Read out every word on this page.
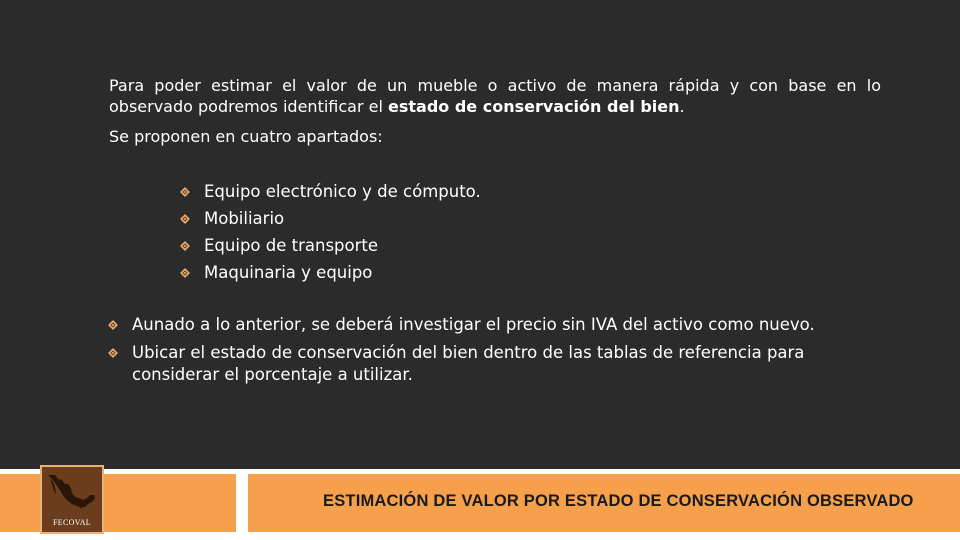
Para poder estimar el valor de un mueble o activo de manera rápida y con base en lo observado podremos identificar el estado de conservación del bien.

Se proponen en cuatro apartados:

Equipo electrónico y de cómputo.
Mobiliario
Equipo de transporte
Maquinaria y equipo
Aunado a lo anterior, se deberá investigar el precio sin IVA del activo como nuevo.
Ubicar el estado de conservación del bien dentro de las tablas de referencia para considerar el porcentaje a utilizar.
ESTIMACIÓN DE VALOR POR ESTADO DE CONSERVACIÓN OBSERVADO
FECOVAL
